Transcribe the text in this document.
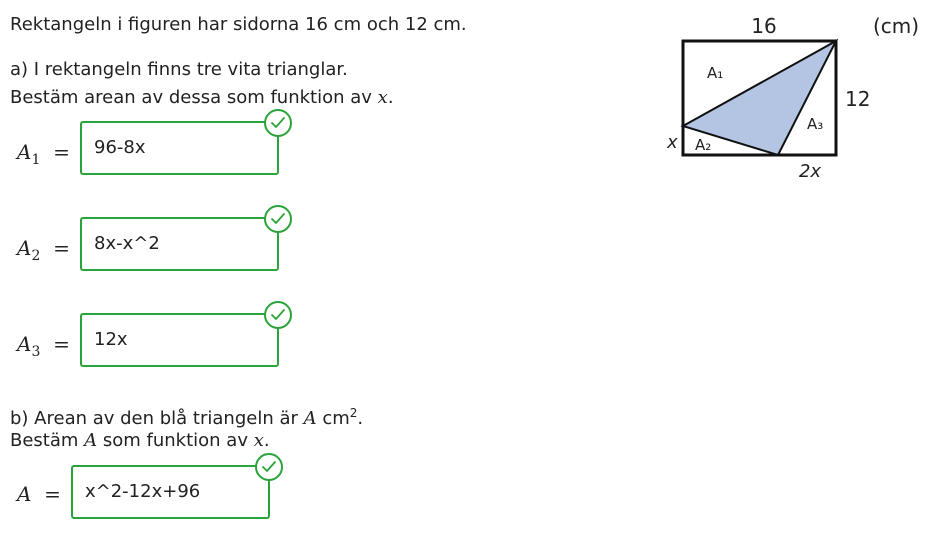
Rektangeln i figuren har sidorna 16 cm och 12 cm.
a) I rektangeln finns tre vita trianglar.
Bestäm arean av dessa som funktion av x.
$A_1$ =	96-8x
$A_2$ =	8x-x^2
$A_3$ =	12x
b) Arean av den blå triangeln är A $cm^2$.
Bestäm A som funktion av x.
A =	x^2-12x+96
16	(cm)
12
x
2x
A₁
A₂
A₃
